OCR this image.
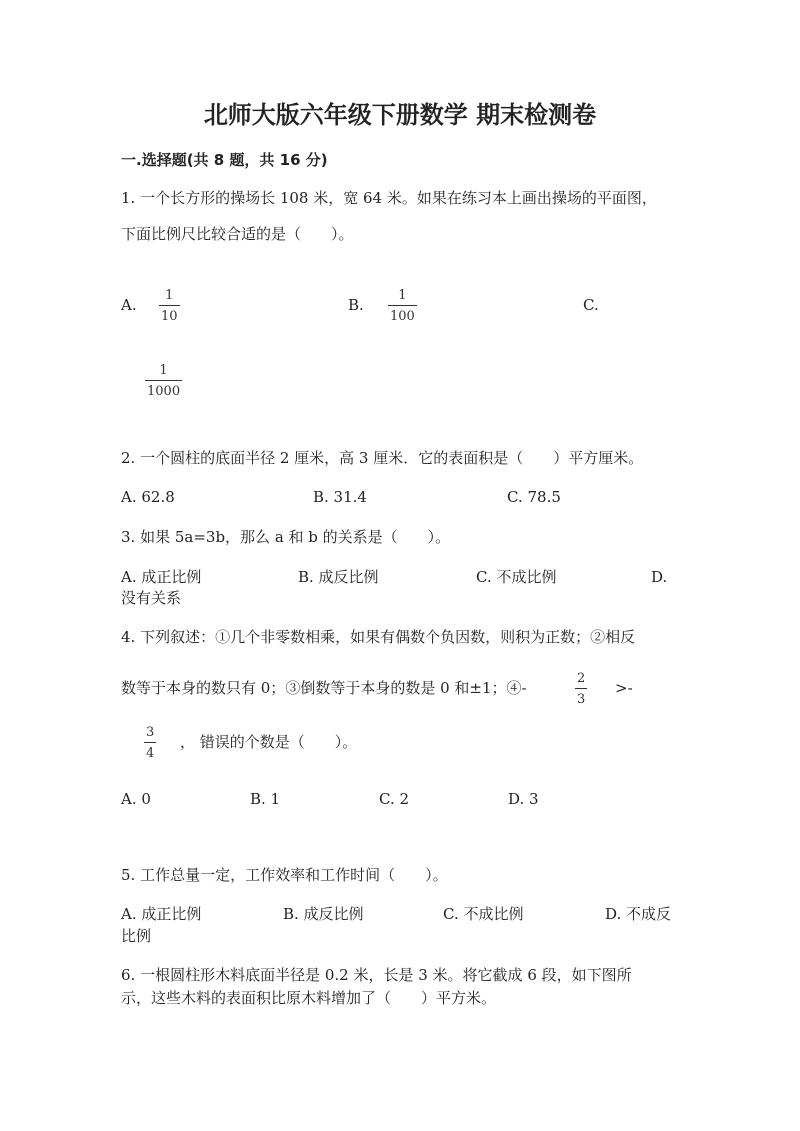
北师大版六年级下册数学 期末检测卷
一.选择题(共 8 题，共 16 分)
1. 一个长方形的操场长 108 米，宽 64 米。如果在练习本上画出操场的平面图，
下面比例尺比较合适的是（　　）。
A.
1
10
B.
1
100
C.
1
1000
2. 一个圆柱的底面半径 2 厘米，高 3 厘米．它的表面积是（　　）平方厘米。
A. 62.8	B. 31.4	C. 78.5
3. 如果 5a=3b，那么 a 和 b 的关系是（　　）。
A. 成正比例	B. 成反比例	C. 不成比例	D.
没有关系
4. 下列叙述：①几个非零数相乘，如果有偶数个负因数，则积为正数；②相反
数等于本身的数只有 0；③倒数等于本身的数是 0 和±1；④-
2
3
>-
3
4
， 错误的个数是（　　）。
A. 0	B. 1	C. 2	D. 3
5. 工作总量一定，工作效率和工作时间（　　）。
A. 成正比例	B. 成反比例	C. 不成比例	D. 不成反
比例
6. 一根圆柱形木料底面半径是 0.2 米，长是 3 米。将它截成 6 段，如下图所
示，这些木料的表面积比原木料增加了（　　）平方米。
